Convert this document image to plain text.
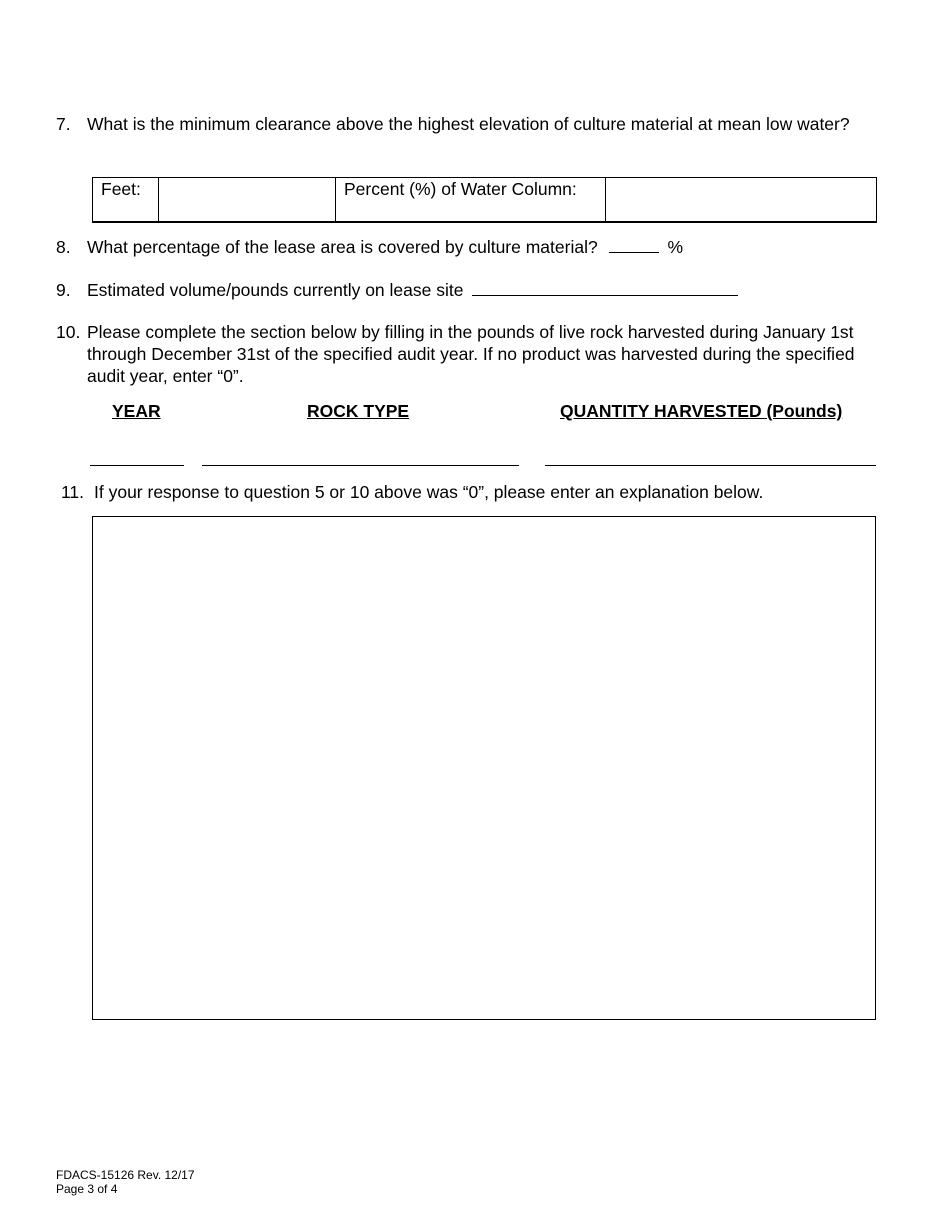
7. What is the minimum clearance above the highest elevation of culture material at mean low water?
Feet:		Percent (%) of Water Column:	
8. What percentage of the lease area is covered by culture material?	%
9. Estimated volume/pounds currently on lease site
10. Please complete the section below by filling in the pounds of live rock harvested during January 1st through December 31st of the specified audit year. If no product was harvested during the specified audit year, enter “0”.
YEAR	ROCK TYPE	QUANTITY HARVESTED (Pounds)
11. If your response to question 5 or 10 above was “0”, please enter an explanation below.
FDACS-15126 Rev. 12/17
Page 3 of 4
